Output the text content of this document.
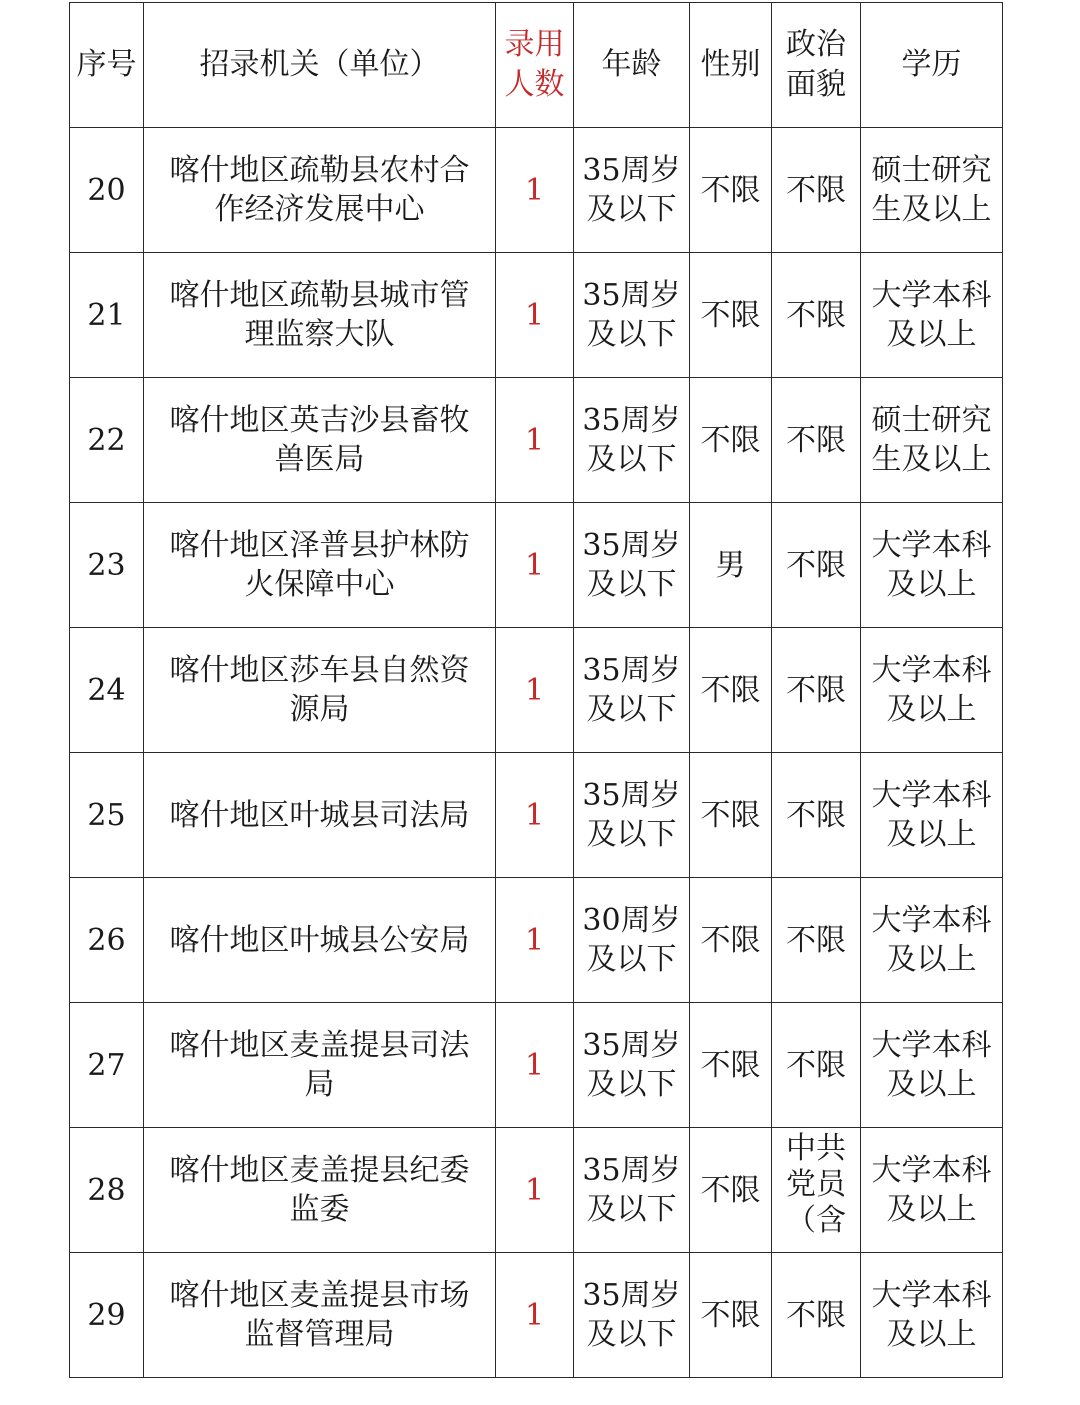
序号	招录机关（单位）	录用
人数	年龄	性别	政治
面貌	学历
20	喀什地区疏勒县农村合
作经济发展中心	1	35周岁
及以下	不限	不限	硕士研究
生及以上

21	喀什地区疏勒县城市管
理监察大队	1	35周岁
及以下	不限	不限	大学本科
及以上

22	喀什地区英吉沙县畜牧
兽医局	1	35周岁
及以下	不限	不限	硕士研究
生及以上

23	喀什地区泽普县护林防
火保障中心	1	35周岁
及以下	男	不限	大学本科
及以上

24	喀什地区莎车县自然资
源局	1	35周岁
及以下	不限	不限	大学本科
及以上

25	喀什地区叶城县司法局	1	35周岁
及以下	不限	不限	大学本科
及以上

26	喀什地区叶城县公安局	1	30周岁
及以下	不限	不限	大学本科
及以上

27	喀什地区麦盖提县司法
局	1	35周岁
及以下	不限	不限	大学本科
及以上

28	喀什地区麦盖提县纪委
监委	1	35周岁
及以下	不限	中共党员（含	大学本科
及以上

29	喀什地区麦盖提县市场
监督管理局	1	35周岁
及以下	不限	不限	大学本科
及以上
